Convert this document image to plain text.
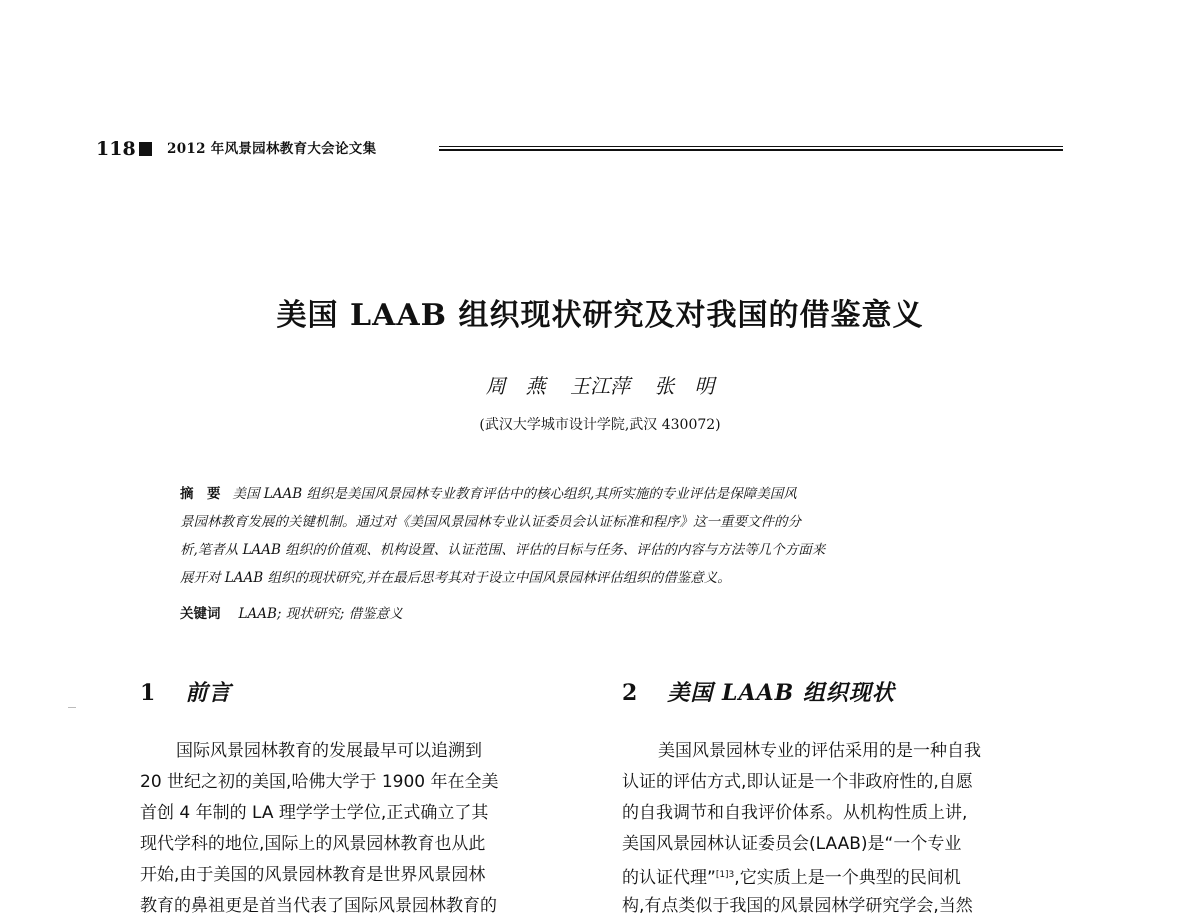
118 2012 年风景园林教育大会论文集
美国 LAAB 组织现状研究及对我国的借鉴意义
周　燕 王江萍 张　明
(武汉大学城市设计学院,武汉 430072)
摘　要 美国 LAAB 组织是美国风景园林专业教育评估中的核心组织,其所实施的专业评估是保障美国风
景园林教育发展的关键机制。通过对《美国风景园林专业认证委员会认证标准和程序》这一重要文件的分
析,笔者从 LAAB 组织的价值观、机构设置、认证范围、评估的目标与任务、评估的内容与方法等几个方面来
展开对 LAAB 组织的现状研究,并在最后思考其对于设立中国风景园林评估组织的借鉴意义。
关键词 LAAB; 现状研究; 借鉴意义
1 前言	2 美国 LAAB 组织现状
国际风景园林教育的发展最早可以追溯到
20 世纪之初的美国,哈佛大学于 1900 年在全美
首创 4 年制的 LA 理学学士学位,正式确立了其
现代学科的地位,国际上的风景园林教育也从此
开始,由于美国的风景园林教育是世界风景园林
教育的鼻祖更是首当代表了国际风景园林教育的
美国风景园林专业的评估采用的是一种自我
认证的评估方式,即认证是一个非政府性的,自愿
的自我调节和自我评价体系。从机构性质上讲,
美国风景园林认证委员会(LAAB)是“一个专业
的认证代理”$^{[1]3}$,它实质上是一个典型的民间机
构,有点类似于我国的风景园林学研究学会,当然
